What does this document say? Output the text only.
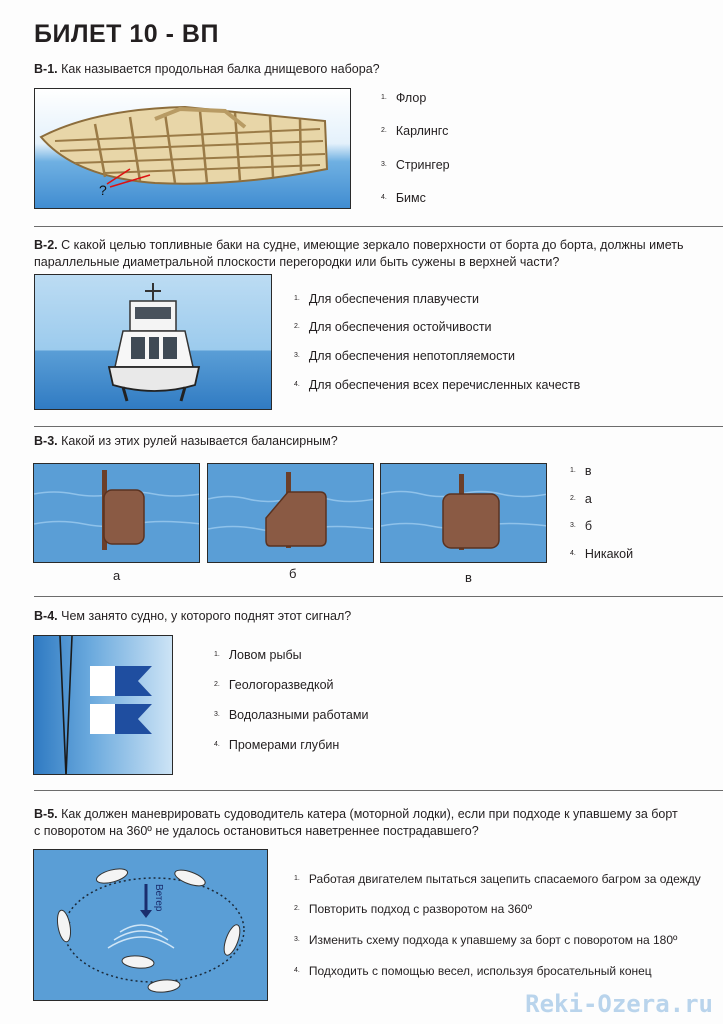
БИЛЕТ 10 - ВП
В-1. Как называется продольная балка днищевого набора?
?
$^{1.}$ Флор
$^{2.}$ Карлингс
$^{3.}$ Стрингер
$^{4.}$ Бимс
В-2. С какой целью топливные баки на судне, имеющие зеркало поверхности от борта до борта, должны иметь параллельные диаметральной плоскости перегородки или быть сужены в верхней части?
$^{1.}$ Для обеспечения плавучести
$^{2.}$ Для обеспечения остойчивости
$^{3.}$ Для обеспечения непотопляемости
$^{4.}$ Для обеспечения всех перечисленных качеств
В-3. Какой из этих рулей называется балансирным?
а	б	в
$^{1.}$ в
$^{2.}$ а
$^{3.}$ б
$^{4.}$ Никакой
В-4. Чем занято судно, у которого поднят этот сигнал?
$^{1.}$ Ловом рыбы
$^{2.}$ Геологоразведкой
$^{3.}$ Водолазными работами
$^{4.}$ Промерами глубин
В-5. Как должен маневрировать судоводитель катера (моторной лодки), если при подходе к упавшему за борт с поворотом на 360º не удалось остановиться наветреннее пострадавшего?
Ветер
$^{1.}$ Работая двигателем пытаться зацепить спасаемого багром за одежду
$^{2.}$ Повторить подход с разворотом на 360º
$^{3.}$ Изменить схему подхода к упавшему за борт с поворотом на 180º
$^{4.}$ Подходить с помощью весел, используя бросательный конец
Reki-Ozera.ru
